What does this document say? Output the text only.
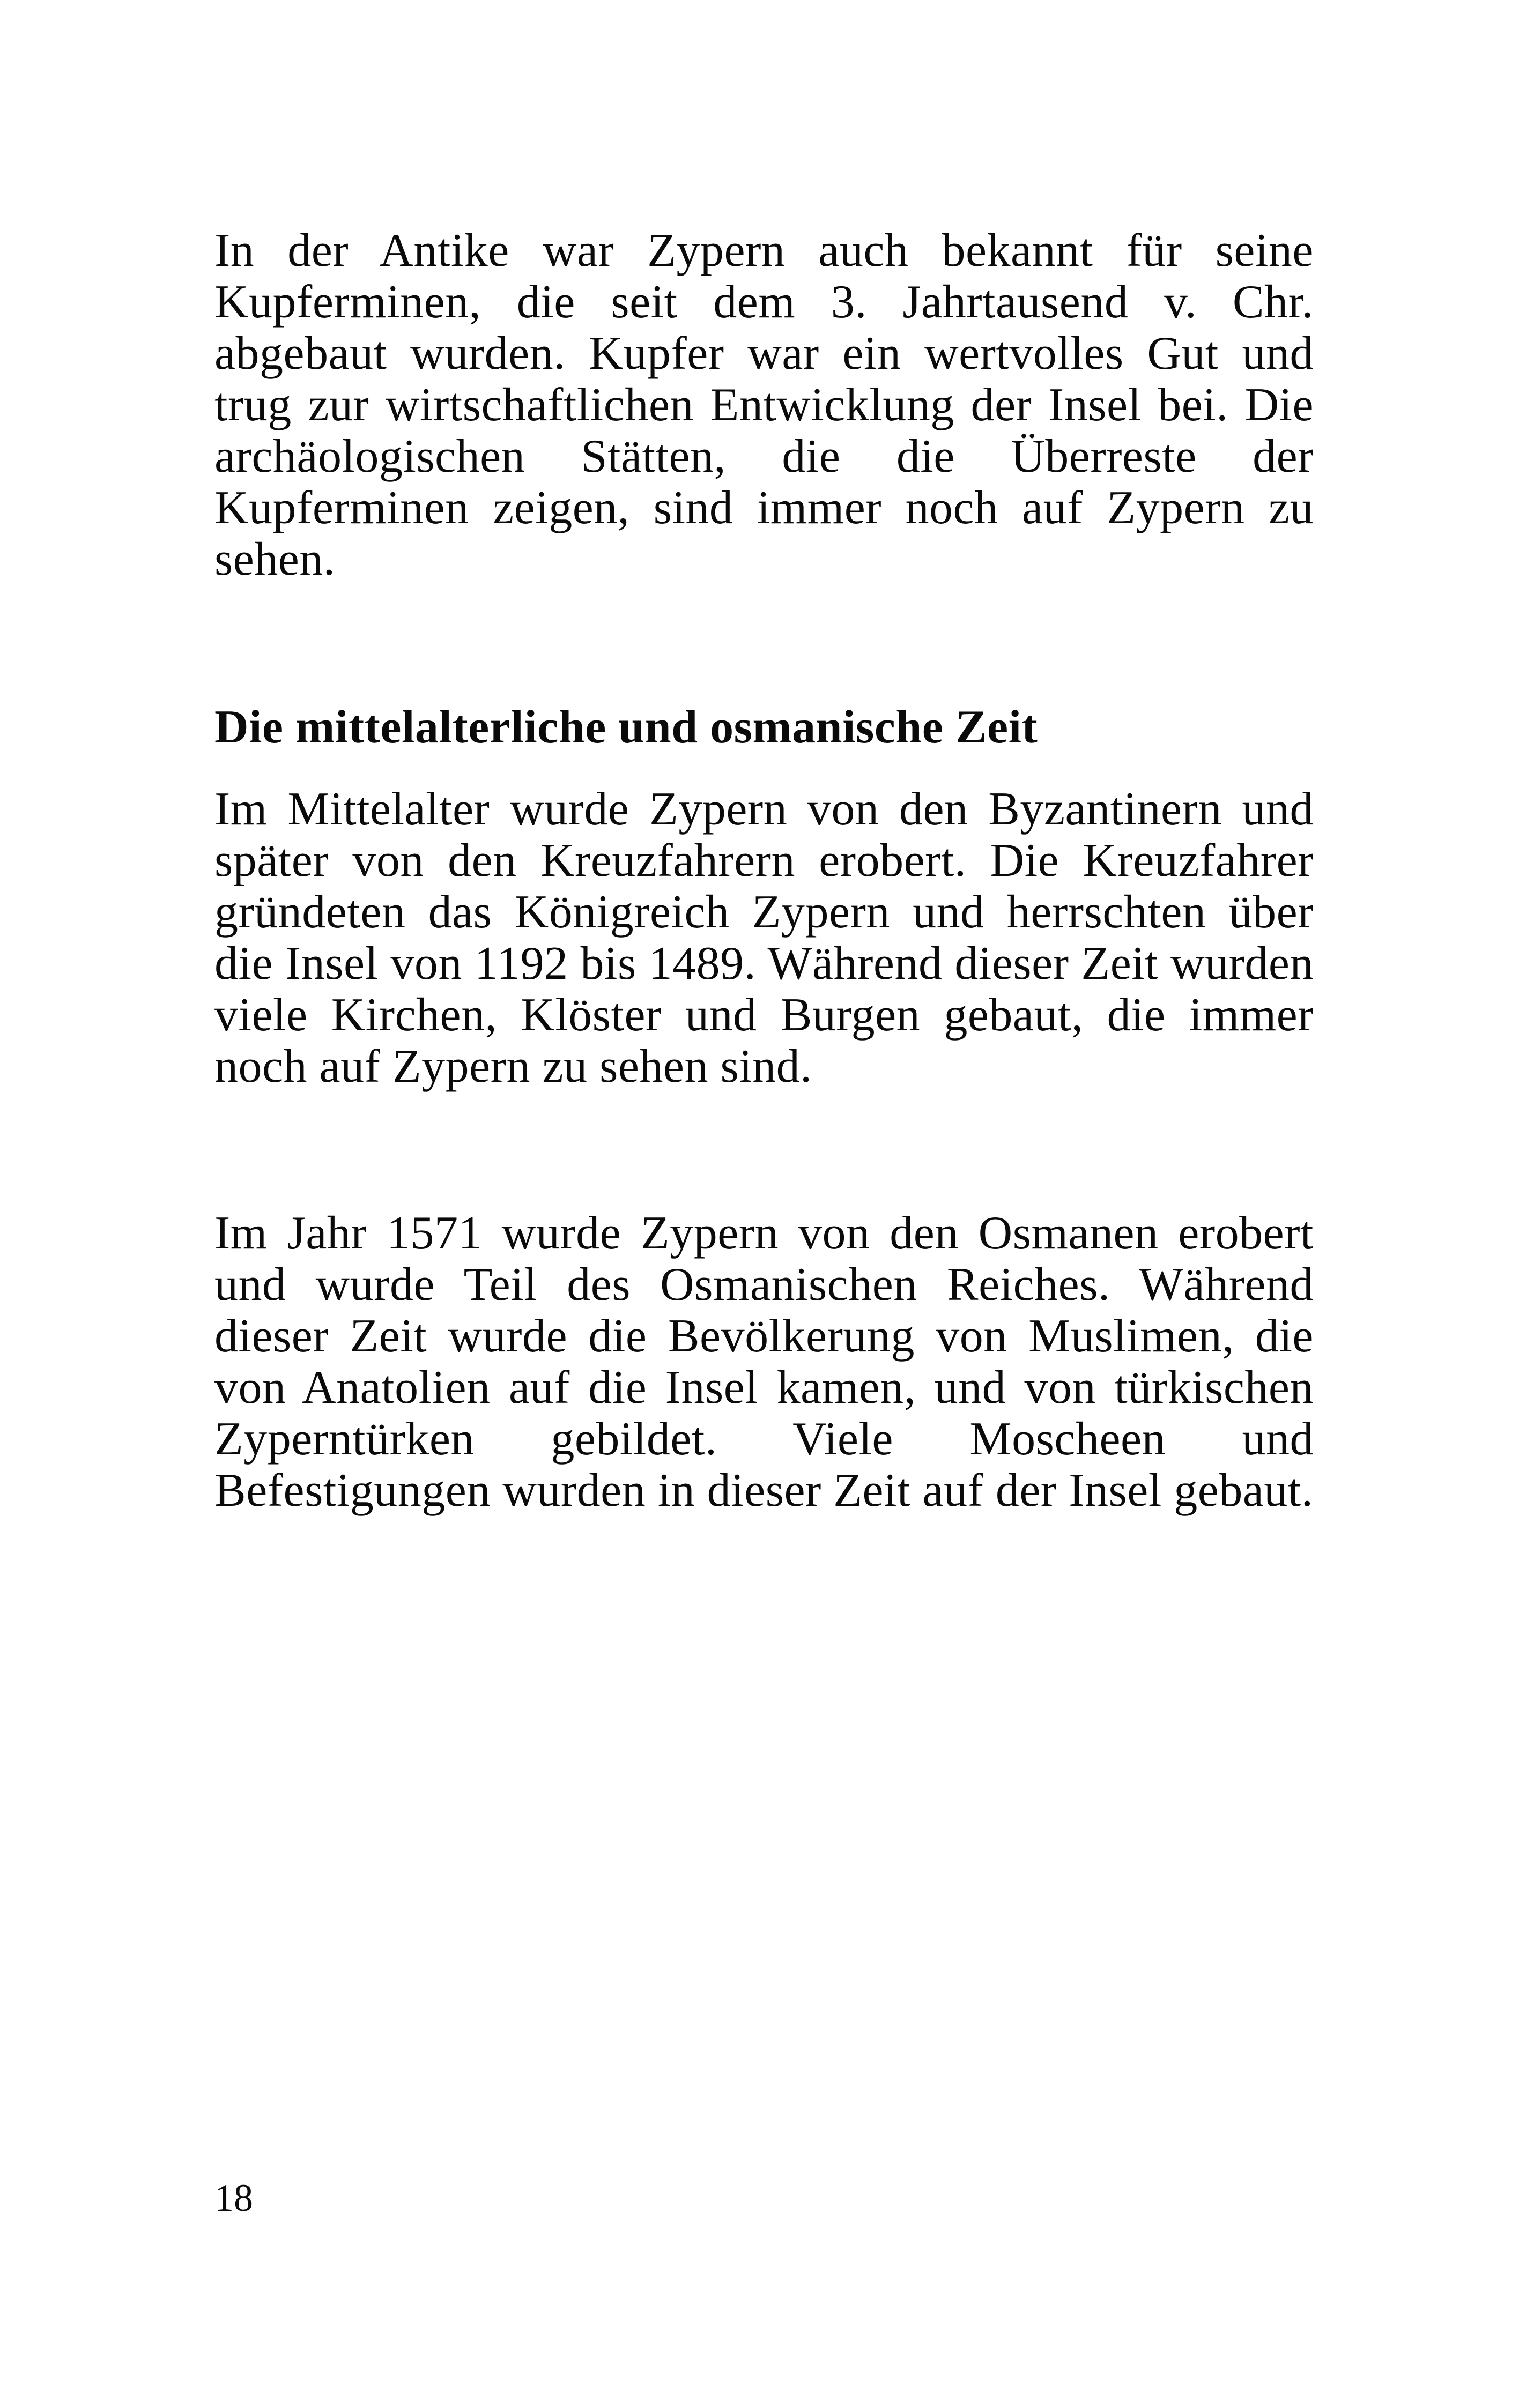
In der Antike war Zypern auch bekannt für seine Kupferminen, die seit dem 3. Jahrtausend v. Chr. abgebaut wurden. Kupfer war ein wertvolles Gut und trug zur wirtschaftlichen Entwicklung der Insel bei. Die archäologischen Stätten, die die Überreste der Kupferminen zeigen, sind immer noch auf Zypern zu sehen.

Die mittelalterliche und osmanische Zeit

Im Mittelalter wurde Zypern von den Byzantinern und später von den Kreuzfahrern erobert. Die Kreuzfahrer gründeten das Königreich Zypern und herrschten über die Insel von 1192 bis 1489. Während dieser Zeit wurden viele Kirchen, Klöster und Burgen gebaut, die immer noch auf Zypern zu sehen sind.

Im Jahr 1571 wurde Zypern von den Osmanen erobert und wurde Teil des Osmanischen Reiches. Während dieser Zeit wurde die Bevölkerung von Muslimen, die von Anatolien auf die Insel kamen, und von türkischen Zyperntürken gebildet. Viele Moscheen und Befestigungen wurden in dieser Zeit auf der Insel gebaut.

18
